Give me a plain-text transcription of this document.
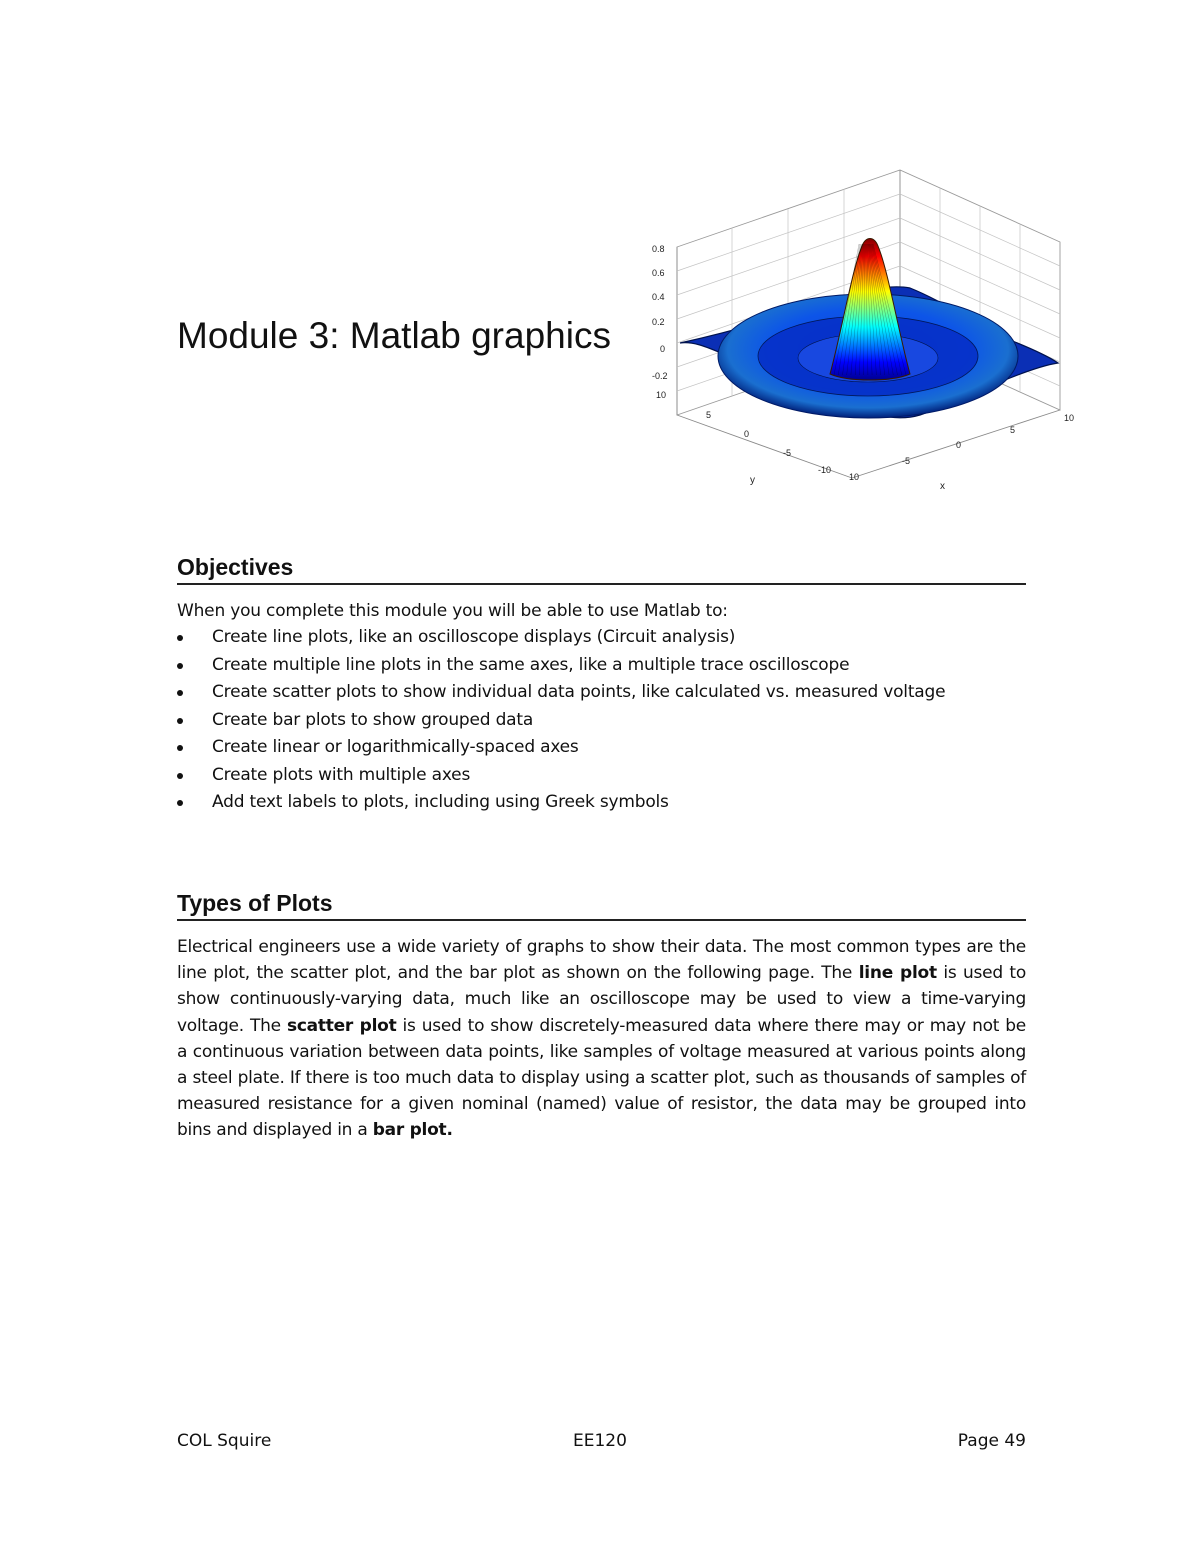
Module 3: Matlab graphics
0.8
0.6
0.4
0.2
0
-0.2
10
5
0
-5
-10
y	10
-5
0
5
10
x
Objectives
When you complete this module you will be able to use Matlab to:
Create line plots, like an oscilloscope displays (Circuit analysis)
Create multiple line plots in the same axes, like a multiple trace oscilloscope
Create scatter plots to show individual data points, like calculated vs. measured voltage
Create bar plots to show grouped data
Create linear or logarithmically-spaced axes
Create plots with multiple axes
Add text labels to plots, including using Greek symbols
Types of Plots
Electrical engineers use a wide variety of graphs to show their data. The most common types are the line plot, the scatter plot, and the bar plot as shown on the following page. The line plot is used to show continuously-varying data, much like an oscilloscope may be used to view a time-varying voltage. The scatter plot is used to show discretely-measured data where there may or may not be a continuous variation between data points, like samples of voltage measured at various points along a steel plate. If there is too much data to display using a scatter plot, such as thousands of samples of measured resistance for a given nominal (named) value of resistor, the data may be grouped into bins and displayed in a bar plot.
COL Squire	EE120	Page 49
